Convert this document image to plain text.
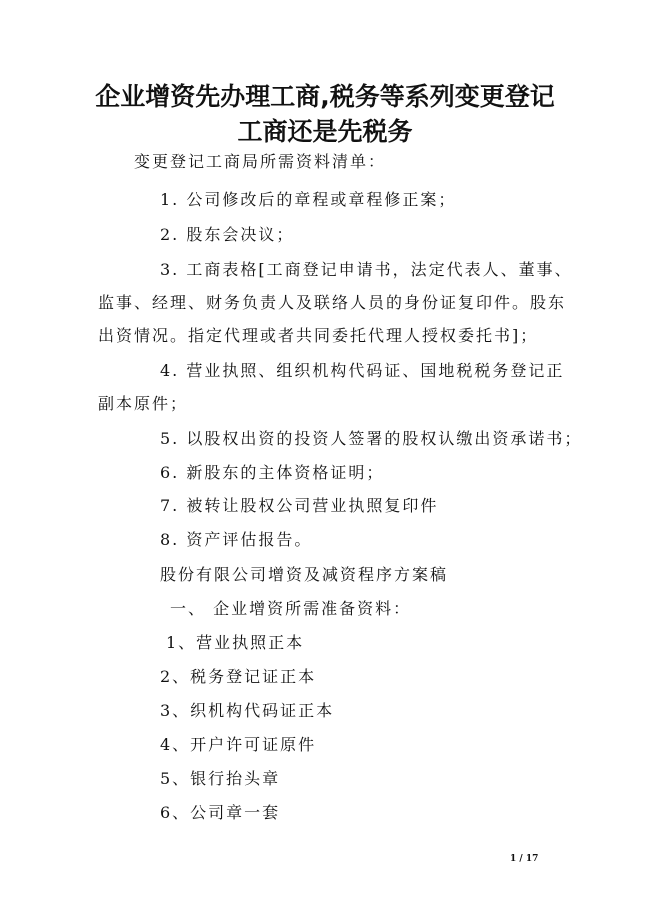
企业增资先办理工商,税务等系列变更登记
工商还是先税务
变更登记工商局所需资料清单：
1. 公司修改后的章程或章程修正案；
2. 股东会决议；
3. 工商表格[工商登记申请书，法定代表人、董事、
监事、经理、财务负责人及联络人员的身份证复印件。股东
出资情况。指定代理或者共同委托代理人授权委托书]；
4. 营业执照、组织机构代码证、国地税税务登记正
副本原件；
5. 以股权出资的投资人签署的股权认缴出资承诺书；
6. 新股东的主体资格证明；
7. 被转让股权公司营业执照复印件
8. 资产评估报告。
股份有限公司增资及减资程序方案稿
一、 企业增资所需准备资料：
1、营业执照正本
2、税务登记证正本
3、织机构代码证正本
4、开户许可证原件
5、银行抬头章
6、公司章一套
1 / 17
